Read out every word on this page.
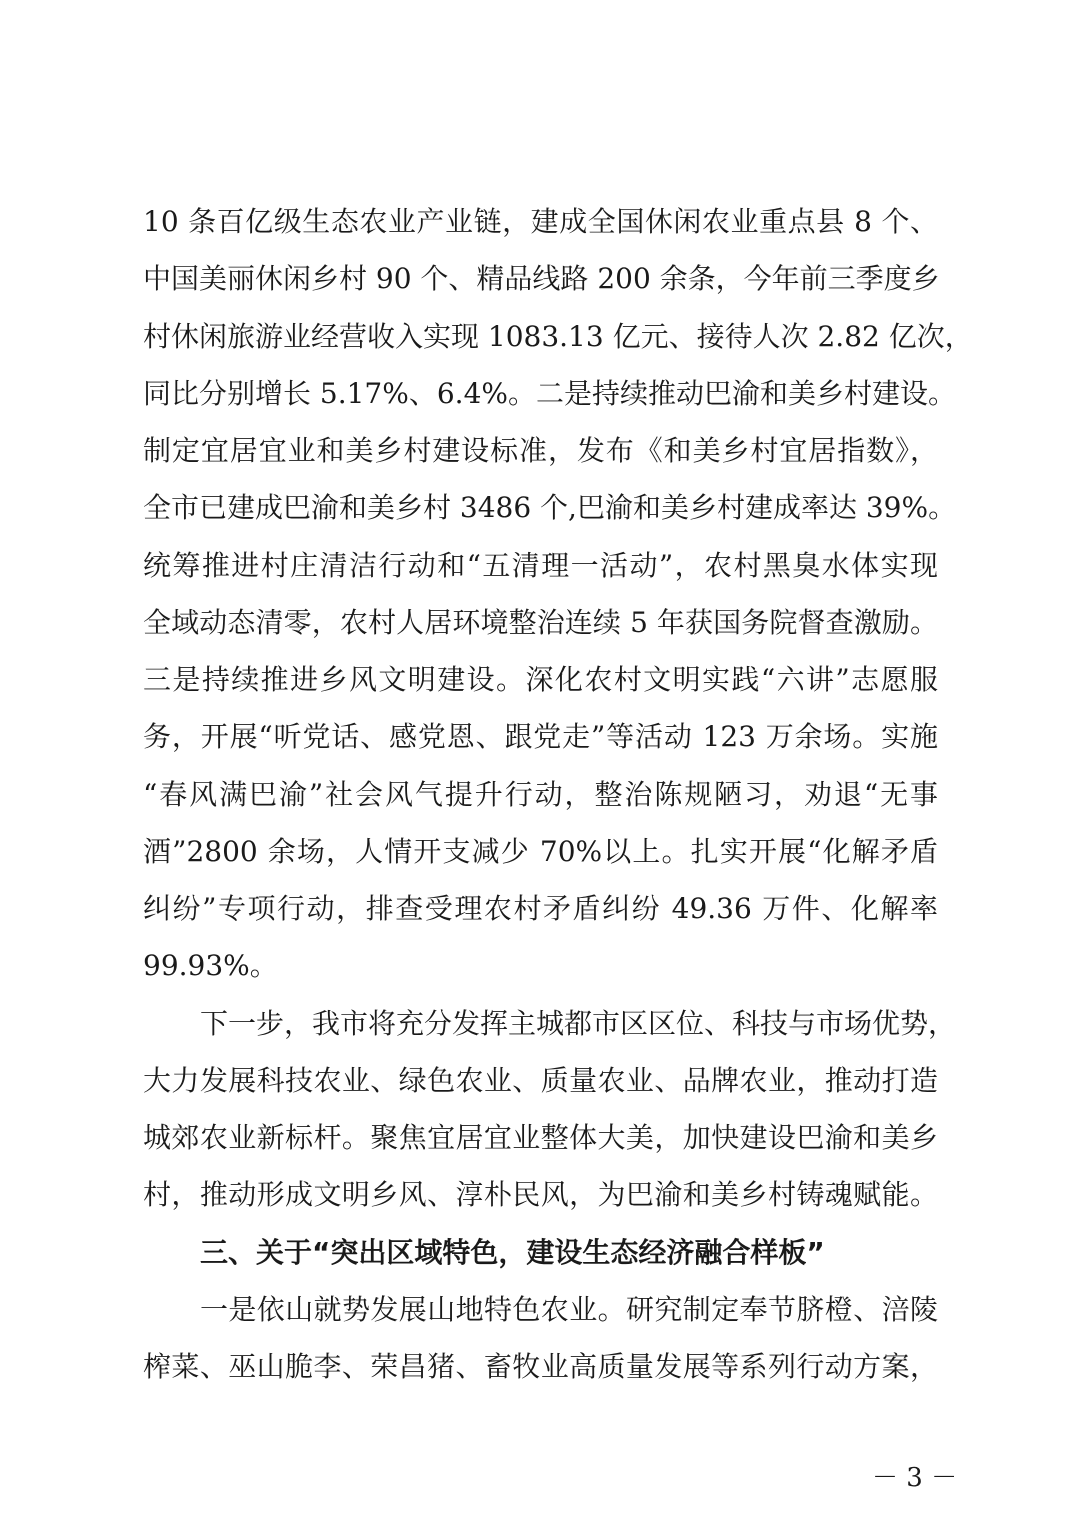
10 条百亿级生态农业产业链，建成全国休闲农业重点县 8 个、
中国美丽休闲乡村 90 个、精品线路 200 余条，今年前三季度乡
村休闲旅游业经营收入实现 1083.13 亿元、接待人次 2.82 亿次，
同比分别增长 5.17%、6.4%。二是持续推动巴渝和美乡村建设。
制定宜居宜业和美乡村建设标准，发布《和美乡村宜居指数》，
全市已建成巴渝和美乡村 3486 个,巴渝和美乡村建成率达 39%。
统筹推进村庄清洁行动和“五清理一活动”，农村黑臭水体实现
全域动态清零，农村人居环境整治连续 5 年获国务院督查激励。
三是持续推进乡风文明建设。深化农村文明实践“六讲”志愿服
务，开展“听党话、感党恩、跟党走”等活动 123 万余场。实施
“春风满巴渝”社会风气提升行动，整治陈规陋习，劝退“无事
酒”2800 余场，人情开支减少 70%以上。扎实开展“化解矛盾
纠纷”专项行动，排查受理农村矛盾纠纷 49.36 万件、化解率
99.93%。
下一步，我市将充分发挥主城都市区区位、科技与市场优势，
大力发展科技农业、绿色农业、质量农业、品牌农业，推动打造
城郊农业新标杆。聚焦宜居宜业整体大美，加快建设巴渝和美乡
村，推动形成文明乡风、淳朴民风，为巴渝和美乡村铸魂赋能。
三、关于“突出区域特色，建设生态经济融合样板”
一是依山就势发展山地特色农业。研究制定奉节脐橙、涪陵
榨菜、巫山脆李、荣昌猪、畜牧业高质量发展等系列行动方案，
－ 3 －
